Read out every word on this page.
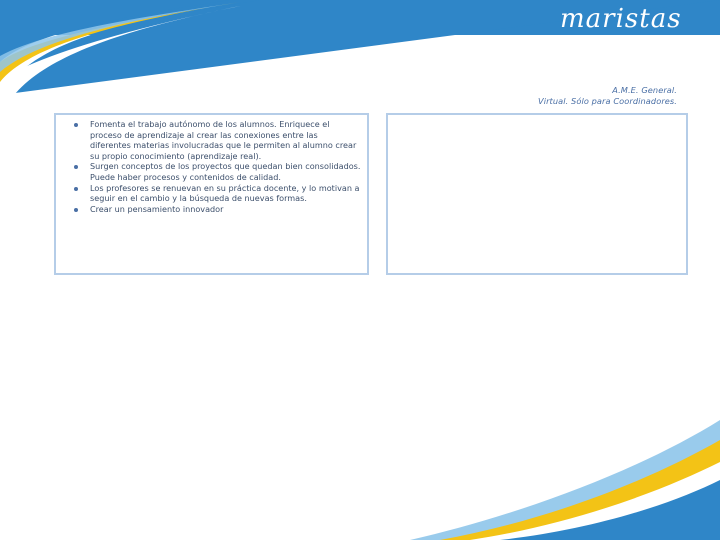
maristas
A.M.E. General.
Virtual. Sólo para Coordinadores.
Fomenta el trabajo autónomo de los alumnos. Enriquece el proceso de aprendizaje al crear las conexiones entre las diferentes materias involucradas que le permiten al alumno crear su propio conocimiento (aprendizaje real).
Surgen conceptos de los proyectos que quedan bien consolidados. Puede haber procesos y contenidos de calidad.
Los profesores se renuevan en su práctica docente, y lo motivan a seguir en el cambio y la búsqueda de nuevas formas.
Crear un pensamiento innovador
